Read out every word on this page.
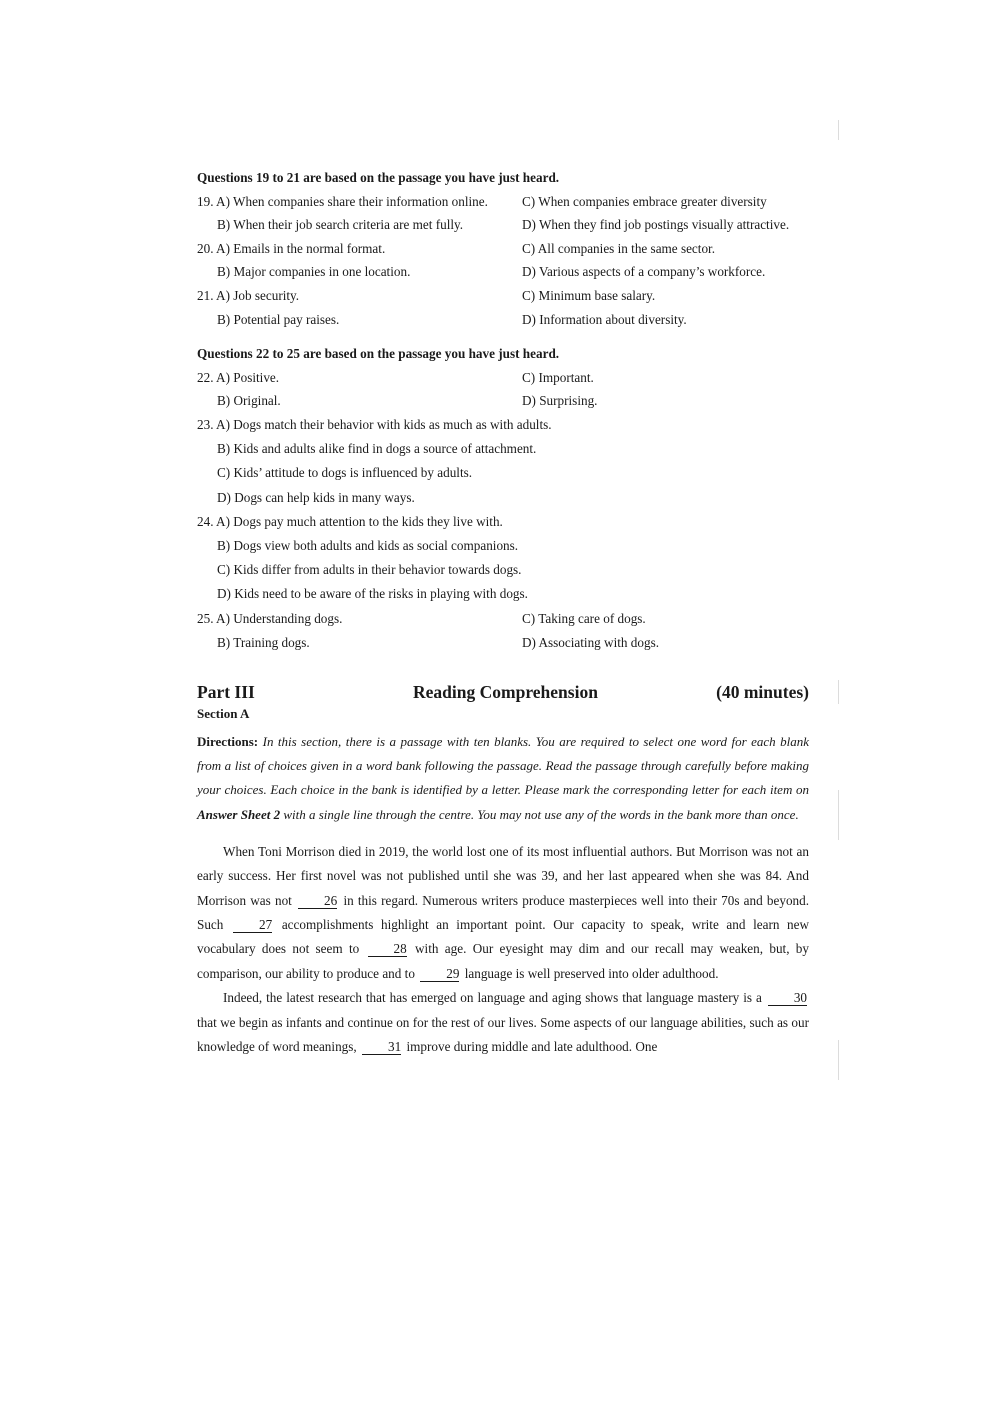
Questions 19 to 21 are based on the passage you have just heard.
19. A) When companies share their information online.	C) When companies embrace greater diversity
B) When their job search criteria are met fully.	D) When they find job postings visually attractive.
20. A) Emails in the normal format.	C) All companies in the same sector.
B) Major companies in one location.	D) Various aspects of a company’s workforce.
21. A) Job security.	C) Minimum base salary.
B) Potential pay raises.	D) Information about diversity.
Questions 22 to 25 are based on the passage you have just heard.
22. A) Positive.	C) Important.
B) Original.	D) Surprising.
23. A) Dogs match their behavior with kids as much as with adults.
B) Kids and adults alike find in dogs a source of attachment.
C) Kids’ attitude to dogs is influenced by adults.
D) Dogs can help kids in many ways.
24. A) Dogs pay much attention to the kids they live with.
B) Dogs view both adults and kids as social companions.
C) Kids differ from adults in their behavior towards dogs.
D) Kids need to be aware of the risks in playing with dogs.
25. A) Understanding dogs.	C) Taking care of dogs.
B) Training dogs.	D) Associating with dogs.
Part III	Reading Comprehension	(40 minutes)
Section A
Directions: In this section, there is a passage with ten blanks. You are required to select one word for each blank from a list of choices given in a word bank following the passage. Read the passage through carefully before making your choices. Each choice in the bank is identified by a letter. Please mark the corresponding letter for each item on Answer Sheet 2 with a single line through the centre. You may not use any of the words in the bank more than once.

When Toni Morrison died in 2019, the world lost one of its most influential authors. But Morrison was not an early success. Her first novel was not published until she was 39, and her last appeared when she was 84. And Morrison was not 26 in this regard. Numerous writers produce masterpieces well into their 70s and beyond. Such	27 accomplishments highlight an important point. Our capacity to speak, write and learn new vocabulary does not seem to	28 with age. Our eyesight may dim and our recall may weaken, but, by comparison, our ability to produce and to 29 language is well preserved into older adulthood.

Indeed, the latest research that has emerged on language and aging shows that language mastery is a 30 that we begin as infants and continue on for the rest of our lives. Some aspects of our language abilities, such as our knowledge of word meanings, 31 improve during middle and late adulthood. One
